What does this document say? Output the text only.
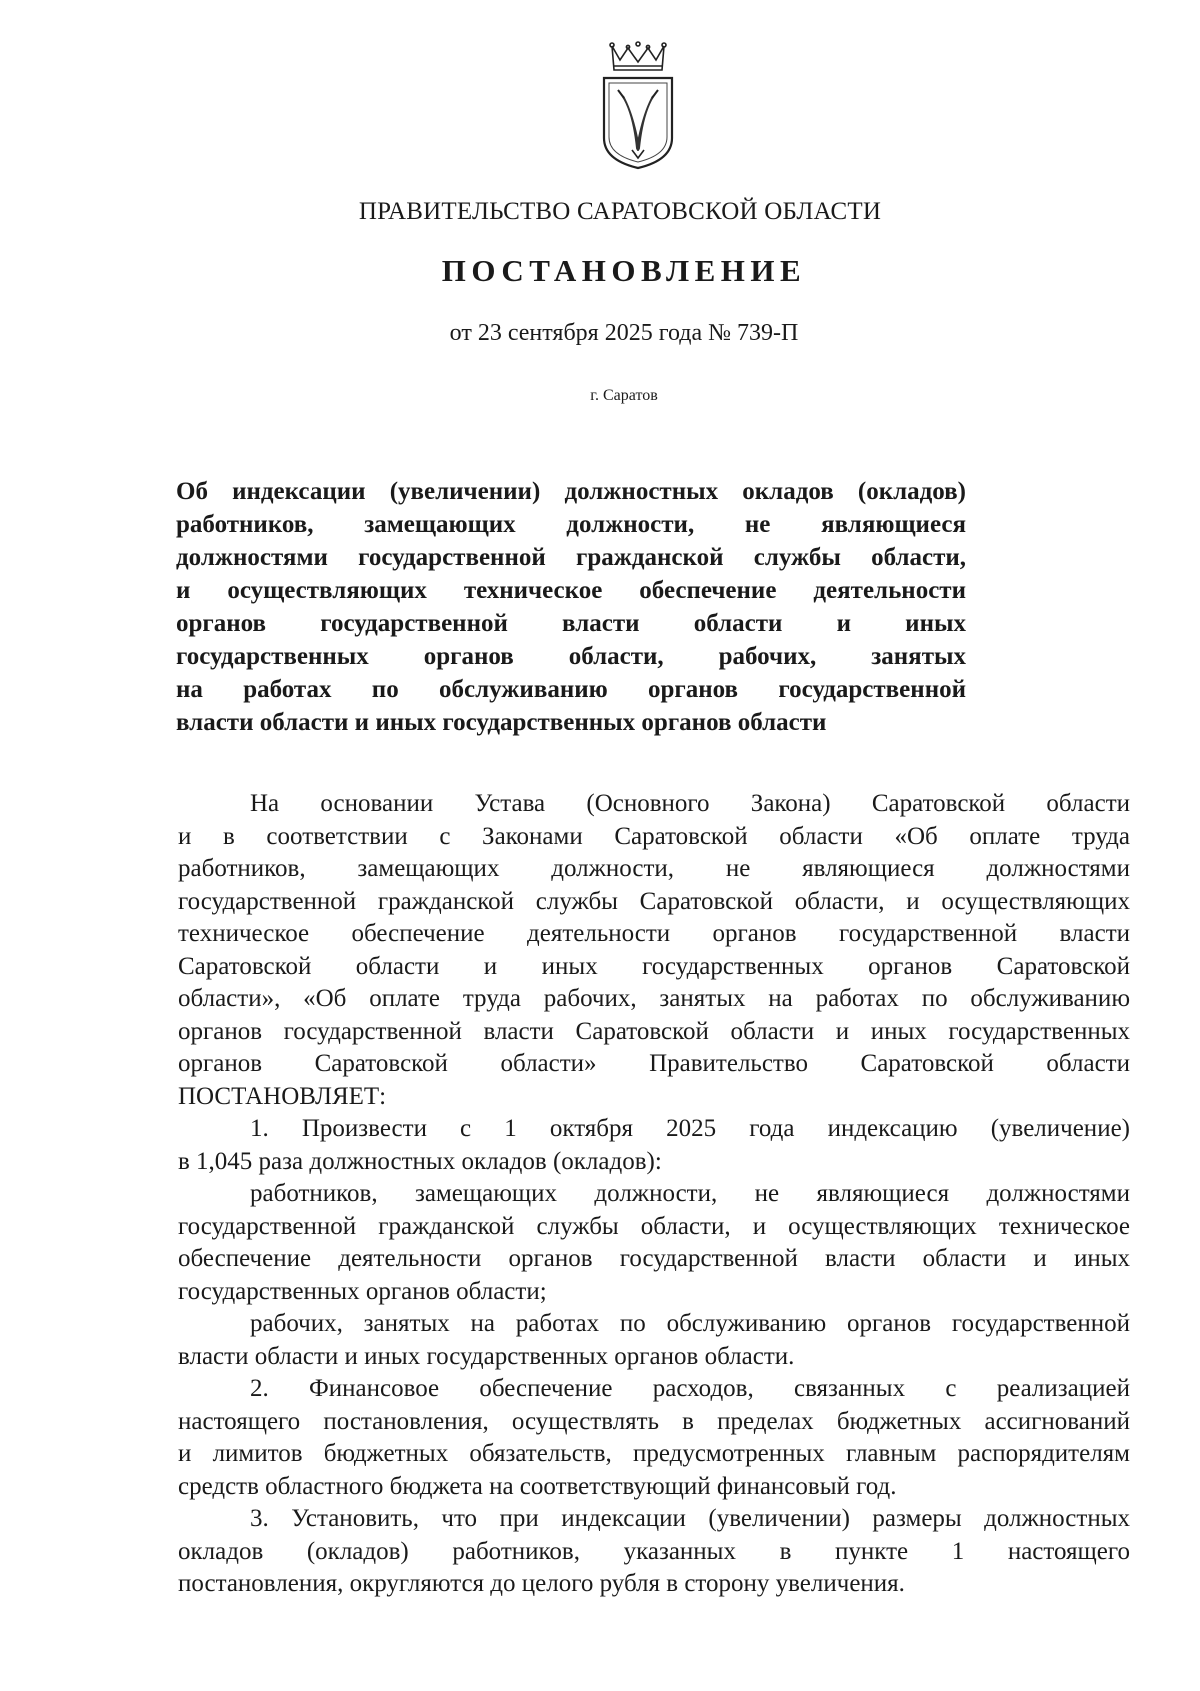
ПРАВИТЕЛЬСТВО САРАТОВСКОЙ ОБЛАСТИ
ПОСТАНОВЛЕНИЕ
от 23 сентября 2025 года № 739-П
г. Саратов
Об индексации (увеличении) должностных окладов (окладов)
работников, замещающих должности, не являющиеся
должностями государственной гражданской службы области,
и осуществляющих техническое обеспечение деятельности
органов государственной власти области и иных
государственных органов области, рабочих, занятых
на работах по обслуживанию органов государственной
власти области и иных государственных органов области
На основании Устава (Основного Закона) Саратовской области
и в соответствии с Законами Саратовской области «Об оплате труда
работников, замещающих должности, не являющиеся должностями
государственной гражданской службы Саратовской области, и осуществляющих
техническое обеспечение деятельности органов государственной власти
Саратовской области и иных государственных органов Саратовской
области», «Об оплате труда рабочих, занятых на работах по обслуживанию
органов государственной власти Саратовской области и иных государственных
органов Саратовской области» Правительство Саратовской области
ПОСТАНОВЛЯЕТ:
1. Произвести с 1 октября 2025 года индексацию (увеличение)
в 1,045 раза должностных окладов (окладов):
работников, замещающих должности, не являющиеся должностями
государственной гражданской службы области, и осуществляющих техническое
обеспечение деятельности органов государственной власти области и иных
государственных органов области;
рабочих, занятых на работах по обслуживанию органов государственной
власти области и иных государственных органов области.
2. Финансовое обеспечение расходов, связанных с реализацией
настоящего постановления, осуществлять в пределах бюджетных ассигнований
и лимитов бюджетных обязательств, предусмотренных главным распорядителям
средств областного бюджета на соответствующий финансовый год.
3. Установить, что при индексации (увеличении) размеры должностных
окладов (окладов) работников, указанных в пункте 1 настоящего
постановления, округляются до целого рубля в сторону увеличения.
